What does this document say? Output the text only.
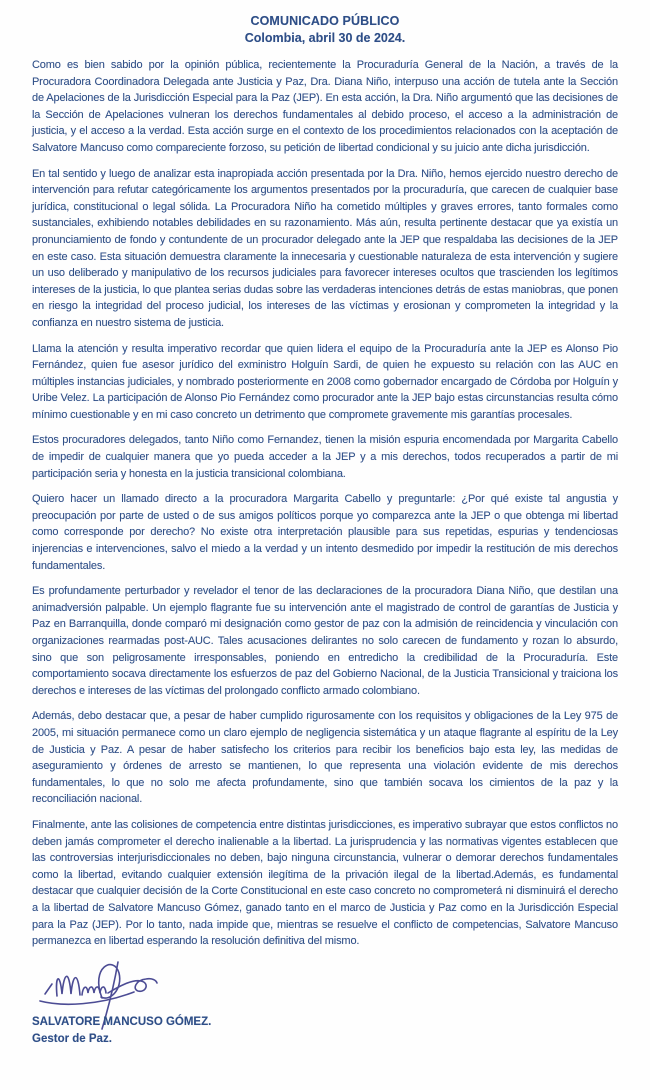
COMUNICADO PÚBLICO
Colombia, abril 30 de 2024.

Como es bien sabido por la opinión pública, recientemente la Procuraduría General de la Nación, a través de la Procuradora Coordinadora Delegada ante Justicia y Paz, Dra. Diana Niño, interpuso una acción de tutela ante la Sección de Apelaciones de la Jurisdicción Especial para la Paz (JEP). En esta acción, la Dra. Niño argumentó que las decisiones de la Sección de Apelaciones vulneran los derechos fundamentales al debido proceso, el acceso a la administración de justicia, y el acceso a la verdad. Esta acción surge en el contexto de los procedimientos relacionados con la aceptación de Salvatore Mancuso como compareciente forzoso, su petición de libertad condicional y su juicio ante dicha jurisdicción.

En tal sentido y luego de analizar esta inapropiada acción presentada por la Dra. Niño, hemos ejercido nuestro derecho de intervención para refutar categóricamente los argumentos presentados por la procuraduría, que carecen de cualquier base jurídica, constitucional o legal sólida. La Procuradora Niño ha cometido múltiples y graves errores, tanto formales como sustanciales, exhibiendo notables debilidades en su razonamiento. Más aún, resulta pertinente destacar que ya existía un pronunciamiento de fondo y contundente de un procurador delegado ante la JEP que respaldaba las decisiones de la JEP en este caso. Esta situación demuestra claramente la innecesaria y cuestionable naturaleza de esta intervención y sugiere un uso deliberado y manipulativo de los recursos judiciales para favorecer intereses ocultos que trascienden los legítimos intereses de la justicia, lo que plantea serias dudas sobre las verdaderas intenciones detrás de estas maniobras, que ponen en riesgo la integridad del proceso judicial, los intereses de las víctimas y erosionan y comprometen la integridad y la confianza en nuestro sistema de justicia.

Llama la atención y resulta imperativo recordar que quien lidera el equipo de la Procuraduría ante la JEP es Alonso Pio Fernández, quien fue asesor jurídico del exministro Holguín Sardi, de quien he expuesto su relación con las AUC en múltiples instancias judiciales, y nombrado posteriormente en 2008 como gobernador encargado de Córdoba por Holguín y Uribe Velez. La participación de Alonso Pio Fernández como procurador ante la JEP bajo estas circunstancias resulta cómo mínimo cuestionable y en mi caso concreto un detrimento que compromete gravemente mis garantías procesales.

Estos procuradores delegados, tanto Niño como Fernandez, tienen la misión espuria encomendada por Margarita Cabello de impedir de cualquier manera que yo pueda acceder a la JEP y a mis derechos, todos recuperados a partir de mi participación seria y honesta en la justicia transicional colombiana.

Quiero hacer un llamado directo a la procuradora Margarita Cabello y preguntarle: ¿Por qué existe tal angustia y preocupación por parte de usted o de sus amigos políticos porque yo comparezca ante la JEP o que obtenga mi libertad como corresponde por derecho? No existe otra interpretación plausible para sus repetidas, espurias y tendenciosas injerencias e intervenciones, salvo el miedo a la verdad y un intento desmedido por impedir la restitución de mis derechos fundamentales.

Es profundamente perturbador y revelador el tenor de las declaraciones de la procuradora Diana Niño, que destilan una animadversión palpable. Un ejemplo flagrante fue su intervención ante el magistrado de control de garantías de Justicia y Paz en Barranquilla, donde comparó mi designación como gestor de paz con la admisión de reincidencia y vinculación con organizaciones rearmadas post-AUC. Tales acusaciones delirantes no solo carecen de fundamento y rozan lo absurdo, sino que son peligrosamente irresponsables, poniendo en entredicho la credibilidad de la Procuraduría. Este comportamiento socava directamente los esfuerzos de paz del Gobierno Nacional, de la Justicia Transicional y traiciona los derechos e intereses de las víctimas del prolongado conflicto armado colombiano.

Además, debo destacar que, a pesar de haber cumplido rigurosamente con los requisitos y obligaciones de la Ley 975 de 2005, mi situación permanece como un claro ejemplo de negligencia sistemática y un ataque flagrante al espíritu de la Ley de Justicia y Paz. A pesar de haber satisfecho los criterios para recibir los beneficios bajo esta ley, las medidas de aseguramiento y órdenes de arresto se mantienen, lo que representa una violación evidente de mis derechos fundamentales, lo que no solo me afecta profundamente, sino que también socava los cimientos de la paz y la reconciliación nacional.

Finalmente, ante las colisiones de competencia entre distintas jurisdicciones, es imperativo subrayar que estos conflictos no deben jamás comprometer el derecho inalienable a la libertad. La jurisprudencia y las normativas vigentes establecen que las controversias interjurisdiccionales no deben, bajo ninguna circunstancia, vulnerar o demorar derechos fundamentales como la libertad, evitando cualquier extensión ilegítima de la privación ilegal de la libertad.Además, es fundamental destacar que cualquier decisión de la Corte Constitucional en este caso concreto no comprometerá ni disminuirá el derecho a la libertad de Salvatore Mancuso Gómez, ganado tanto en el marco de Justicia y Paz como en la Jurisdicción Especial para la Paz (JEP). Por lo tanto, nada impide que, mientras se resuelve el conflicto de competencias, Salvatore Mancuso permanezca en libertad esperando la resolución definitiva del mismo.

SALVATORE MANCUSO GÓMEZ.
Gestor de Paz.
